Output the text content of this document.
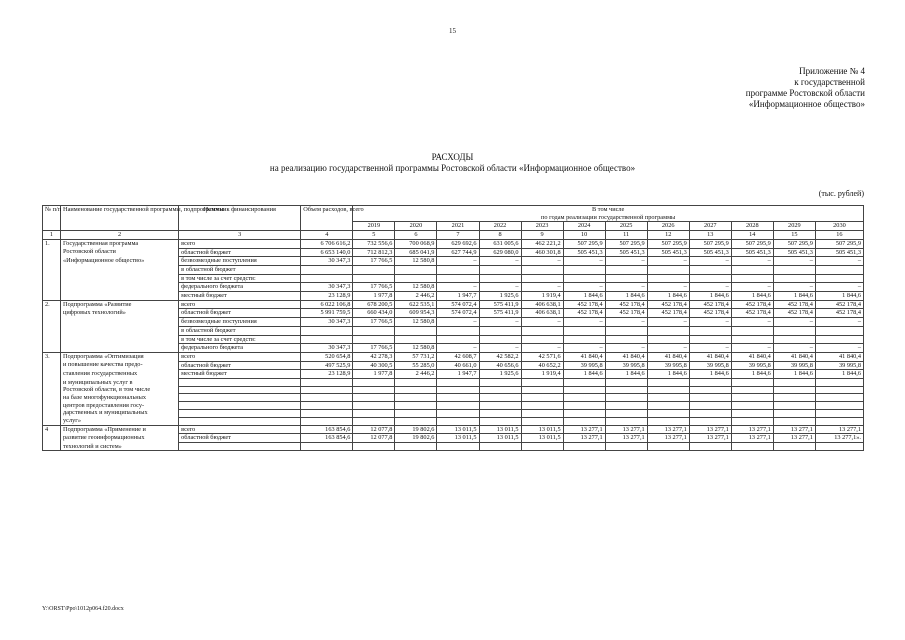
15
Приложение № 4
к государственной
программе Ростовской области
«Информационное общество»
РАСХОДЫ
на реализацию государственной программы Ростовской области «Информационное общество»
(тыс. рублей)
№ п/п	Наименование государственной программы, подпрограммы	Источник финансирования	Объем расходов, всего	В том числе											
				по годам реализации государственной программы											
				2019	2020	2021	2022	2023	2024	2025	2026	2027	2028	2029	2030
1	2	3	4	5	6	7	8	9	10	11	12	13	14	15	16
1.	Государственная программа	всего	6 706 616,2	732 556,6	700 068,9	629 692,6	631 005,6	462 221,2	507 295,9	507 295,9	507 295,9	507 295,9	507 295,9	507 295,9	507 295,9
	Ростовской области	областной бюджет	6 653 140,0	712 812,3	685 041,9	627 744,9	629 080,0	460 301,8	505 451,3	505 451,3	505 451,3	505 451,3	505 451,3	505 451,3	505 451,3
	«Информационное общество»	безвозмездные поступления	30 347,3	17 766,5	12 580,8	–	–	–	–	–	–	–	–	–	–
		в областной бюджет													
		в том числе за счет средств:													
		федерального бюджета	30 347,3	17 766,5	12 580,8	–	–	–	–	–	–	–	–	–	–
		местный бюджет	23 128,9	1 977,8	2 446,2	1 947,7	1 925,6	1 919,4	1 844,6	1 844,6	1 844,6	1 844,6	1 844,6	1 844,6	1 844,6
2.	Подпрограмма «Развитие	всего	6 022 106,8	678 200,5	622 535,1	574 072,4	575 411,9	406 638,1	452 178,4	452 178,4	452 178,4	452 178,4	452 178,4	452 178,4	452 178,4
	цифровых технологий»	областной бюджет	5 991 759,5	660 434,0	609 954,3	574 072,4	575 411,9	406 638,1	452 178,4	452 178,4	452 178,4	452 178,4	452 178,4	452 178,4	452 178,4
		безвозмездные поступления	30 347,3	17 766,5	12 580,8	–	–	–	–	–	–	–	–	–	–
		в областной бюджет													
		в том числе за счет средств:													
		федерального бюджета	30 347,3	17 766,5	12 580,8	–	–	–	–	–	–	–	–	–	–
3.	Подпрограмма «Оптимизация	всего	520 654,8	42 278,3	57 731,2	42 608,7	42 582,2	42 571,6	41 840,4	41 840,4	41 840,4	41 840,4	41 840,4	41 840,4	41 840,4
	и повышение качества предо-	областной бюджет	497 525,9	40 300,5	55 285,0	40 661,0	40 656,6	40 652,2	39 995,8	39 995,8	39 995,8	39 995,8	39 995,8	39 995,8	39 995,8
	ставления государственных	местный бюджет	23 128,9	1 977,8	2 446,2	1 947,7	1 925,6	1 919,4	1 844,6	1 844,6	1 844,6	1 844,6	1 844,6	1 844,6	1 844,6
	и муниципальных услуг в														
	Ростовской области, в том числе														
	на базе многофункциональных														
	центров предоставления госу-														
	дарственных и муниципальных														
	услуг»														
4	Подпрограмма «Применение и	всего	163 854,6	12 077,8	19 802,6	13 011,5	13 011,5	13 011,5	13 277,1	13 277,1	13 277,1	13 277,1	13 277,1	13 277,1	13 277,1
	развитие геоинформационных	областной бюджет	163 854,6	12 077,8	19 802,6	13 011,5	13 011,5	13 011,5	13 277,1	13 277,1	13 277,1	13 277,1	13 277,1	13 277,1	13 277,1».
	технологий и систем»														
Y:\ORST\Ppo\1012p064.f20.docx
